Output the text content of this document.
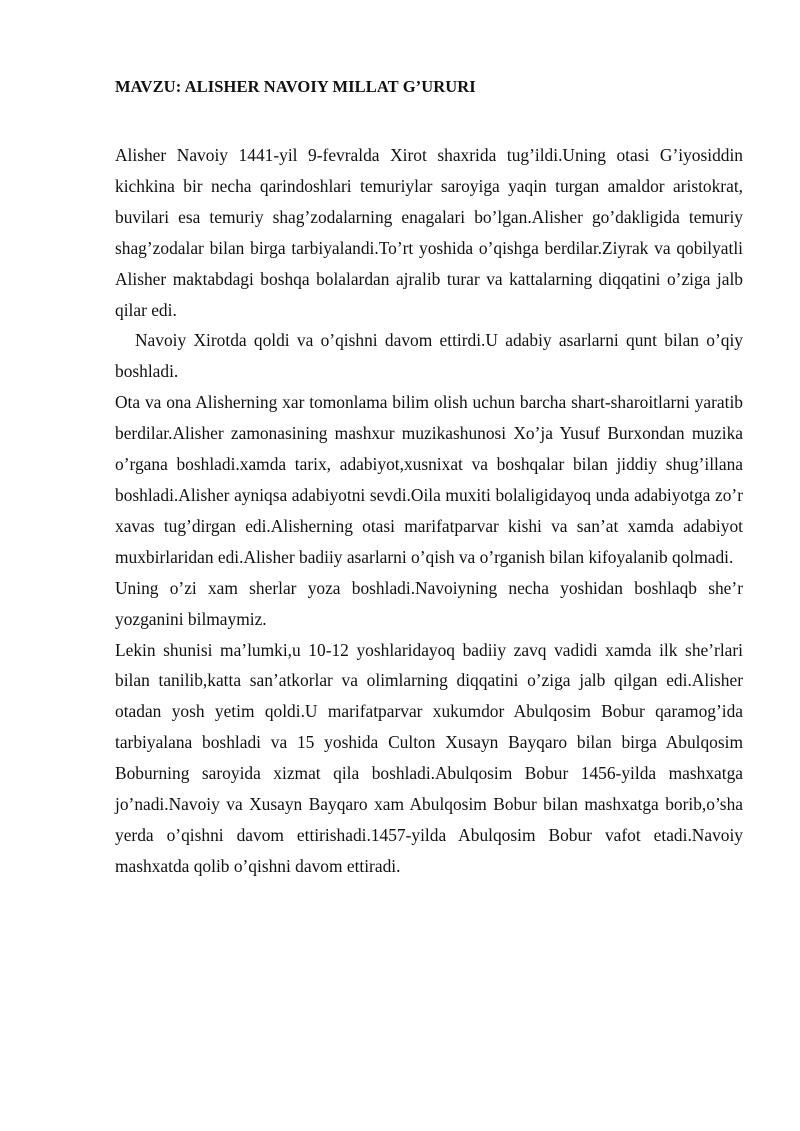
MAVZU: ALISHER NAVOIY MILLAT G’URURI

Alisher Navoiy 1441-yil 9-fevralda Xirot shaxrida tug’ildi.Uning otasi G’iyosiddin kichkina bir necha qarindoshlari temuriylar saroyiga yaqin turgan amaldor aristokrat, buvilari esa temuriy shag’zodalarning enagalari bo’lgan.Alisher go’dakligida temuriy shag’zodalar bilan birga tarbiyalandi.To’rt yoshida o’qishga berdilar.Ziyrak va qobilyatli Alisher maktabdagi boshqa bolalardan ajralib turar va kattalarning diqqatini o’ziga jalb qilar edi.

Navoiy Xirotda qoldi va o’qishni davom ettirdi.U adabiy asarlarni qunt bilan o’qiy boshladi.

Ota va ona Alisherning xar tomonlama bilim olish uchun barcha shart-sharoitlarni yaratib berdilar.Alisher zamonasining mashxur muzikashunosi Xo’ja Yusuf Burxondan muzika o’rgana boshladi.xamda tarix, adabiyot,xusnixat va boshqalar bilan jiddiy shug’illana boshladi.Alisher ayniqsa adabiyotni sevdi.Oila muxiti bolaligidayoq unda adabiyotga zo’r xavas tug’dirgan edi.Alisherning otasi marifatparvar kishi va san’at xamda adabiyot muxbirlaridan edi.Alisher badiiy asarlarni o’qish va o’rganish bilan kifoyalanib qolmadi.

Uning o’zi xam sherlar yoza boshladi.Navoiyning necha yoshidan boshlaqb she’r yozganini bilmaymiz.

Lekin shunisi ma’lumki,u 10-12 yoshlaridayoq badiiy zavq vadidi xamda ilk she’rlari bilan tanilib,katta san’atkorlar va olimlarning diqqatini o’ziga jalb qilgan edi.Alisher otadan yosh yetim qoldi.U marifatparvar xukumdor Abulqosim Bobur qaramog’ida tarbiyalana boshladi va 15 yoshida Culton Xusayn Bayqaro bilan birga Abulqosim Boburning saroyida xizmat qila boshladi.Abulqosim Bobur 1456-yilda mashxatga jo’nadi.Navoiy va Xusayn Bayqaro xam Abulqosim Bobur bilan mashxatga borib,o’sha yerda o’qishni davom ettirishadi.1457-yilda Abulqosim Bobur vafot etadi.Navoiy mashxatda qolib o’qishni davom ettiradi.
